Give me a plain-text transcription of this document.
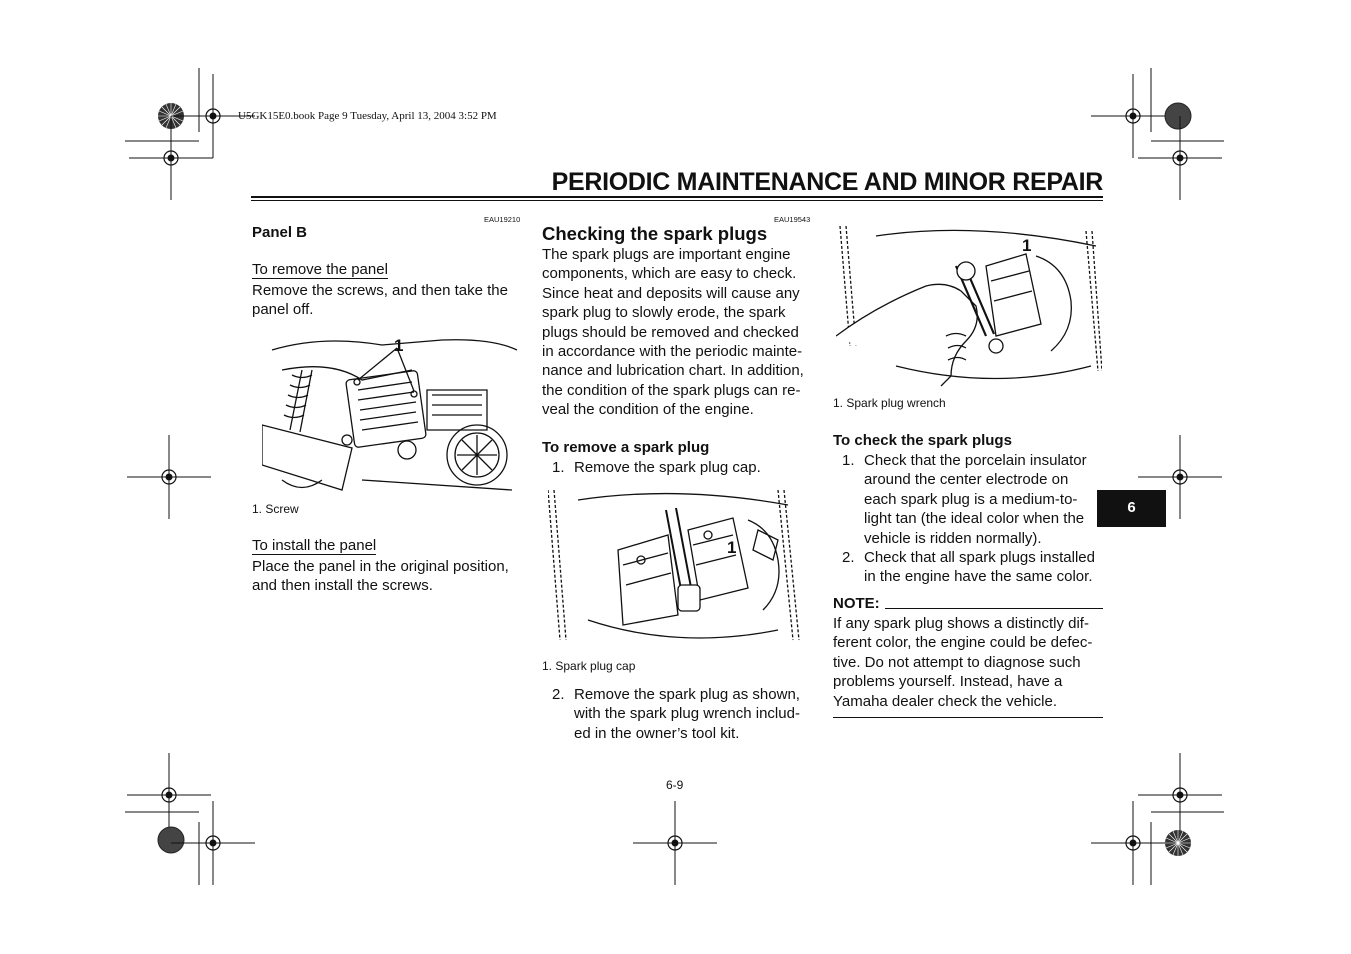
U5GK15E0.book Page 9 Tuesday, April 13, 2004 3:52 PM
PERIODIC MAINTENANCE AND MINOR REPAIR
EAU19210
Panel B
To remove the panel
Remove the screws, and then take the
panel off.
1
1. Screw
To install the panel
Place the panel in the original position,
and then install the screws.
EAU19543
Checking the spark plugs
The spark plugs are important engine
components, which are easy to check.
Since heat and deposits will cause any
spark plug to slowly erode, the spark
plugs should be removed and checked
in accordance with the periodic mainte-
nance and lubrication chart. In addition,
the condition of the spark plugs can re-
veal the condition of the engine.
To remove a spark plug
1. Remove the spark plug cap.
1
1. Spark plug cap
2. Remove the spark plug as shown,
with the spark plug wrench includ-
ed in the owner’s tool kit.
1
1. Spark plug wrench
To check the spark plugs
1. Check that the porcelain insulator
around the center electrode on
each spark plug is a medium-to-
light tan (the ideal color when the
vehicle is ridden normally).
2. Check that all spark plugs installed
in the engine have the same color.
NOTE:
If any spark plug shows a distinctly dif-
ferent color, the engine could be defec-
tive. Do not attempt to diagnose such
problems yourself. Instead, have a
Yamaha dealer check the vehicle.
6
6-9
